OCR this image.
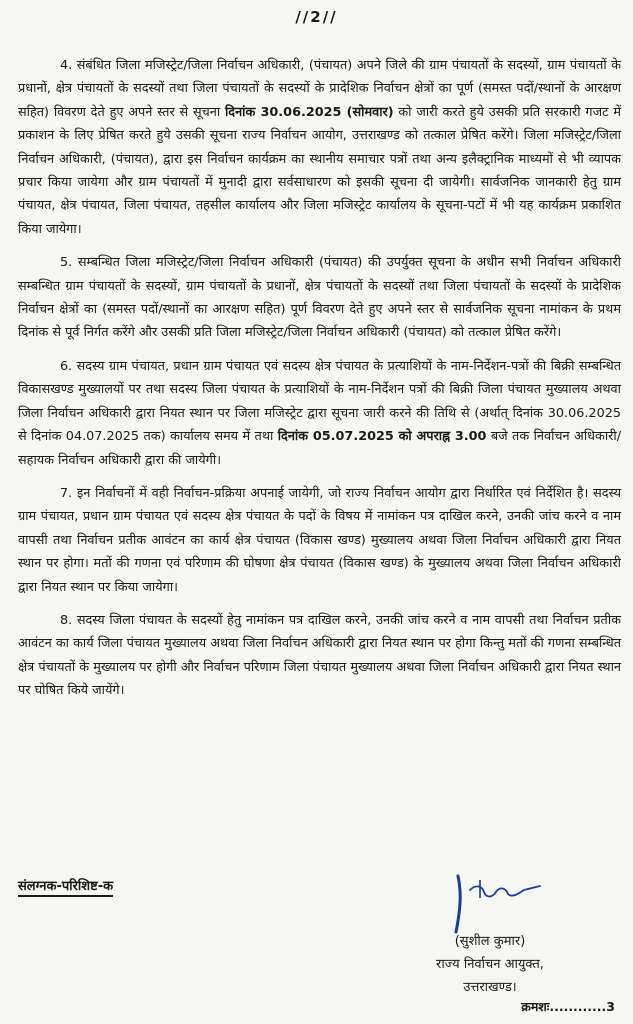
//2//

4. संबंधित जिला मजिस्ट्रेट/जिला निर्वाचन अधिकारी, (पंचायत) अपने जिले की ग्राम पंचायतों के सदस्यों, ग्राम पंचायतों के प्रधानों, क्षेत्र पंचायतों के सदस्यों तथा जिला पंचायतों के सदस्यों के प्रादेशिक निर्वाचन क्षेत्रों का पूर्ण (समस्त पदों/स्थानों के आरक्षण सहित) विवरण देते हुए अपने स्तर से सूचना दिनांक 30.06.2025 (सोमवार) को जारी करते हुये उसकी प्रति सरकारी गजट में प्रकाशन के लिए प्रेषित करते हुये उसकी सूचना राज्य निर्वाचन आयोग, उत्तराखण्ड को तत्काल प्रेषित करेंगे। जिला मजिस्ट्रेट/जिला निर्वाचन अधिकारी, (पंचायत), द्वारा इस निर्वाचन कार्यक्रम का स्थानीय समाचार पत्रों तथा अन्य इलैक्ट्रानिक माध्यमों से भी व्यापक प्रचार किया जायेगा और ग्राम पंचायतों में मुनादी द्वारा सर्वसाधारण को इसकी सूचना दी जायेगी। सार्वजनिक जानकारी हेतु ग्राम पंचायत, क्षेत्र पंचायत, जिला पंचायत, तहसील कार्यालय और जिला मजिस्ट्रेट कार्यालय के सूचना-पटों में भी यह कार्यक्रम प्रकाशित किया जायेगा।

5. सम्बन्धित जिला मजिस्ट्रेट/जिला निर्वाचन अधिकारी (पंचायत) की उपर्युक्त सूचना के अधीन सभी निर्वाचन अधिकारी सम्बन्धित ग्राम पंचायतों के सदस्यों, ग्राम पंचायतों के प्रधानों, क्षेत्र पंचायतों के सदस्यों तथा जिला पंचायतों के सदस्यों के प्रादेशिक निर्वाचन क्षेत्रों का (समस्त पदों/स्थानों का आरक्षण सहित) पूर्ण विवरण देते हुए अपने स्तर से सार्वजनिक सूचना नामांकन के प्रथम दिनांक से पूर्व निर्गत करेंगे और उसकी प्रति जिला मजिस्ट्रेट/जिला निर्वाचन अधिकारी (पंचायत) को तत्काल प्रेषित करेंगे।

6. सदस्य ग्राम पंचायत, प्रधान ग्राम पंचायत एवं सदस्य क्षेत्र पंचायत के प्रत्याशियों के नाम-निर्देशन-पत्रों की बिक्री सम्बन्धित विकासखण्ड मुख्यालयों पर तथा सदस्य जिला पंचायत के प्रत्याशियों के नाम-निर्देशन पत्रों की बिक्री जिला पंचायत मुख्यालय अथवा जिला निर्वाचन अधिकारी द्वारा नियत स्थान पर जिला मजिस्ट्रेट द्वारा सूचना जारी करने की तिथि से (अर्थात् दिनांक 30.06.2025 से दिनांक 04.07.2025 तक) कार्यालय समय में तथा दिनांक 05.07.2025 को अपराह्न 3.00 बजे तक निर्वाचन अधिकारी/सहायक निर्वाचन अधिकारी द्वारा की जायेगी।

7. इन निर्वाचनों में वही निर्वाचन-प्रक्रिया अपनाई जायेगी, जो राज्य निर्वाचन आयोग द्वारा निर्धारित एवं निर्देशित है। सदस्य ग्राम पंचायत, प्रधान ग्राम पंचायत एवं सदस्य क्षेत्र पंचायत के पदों के विषय में नामांकन पत्र दाखिल करने, उनकी जांच करने व नाम वापसी तथा निर्वाचन प्रतीक आवंटन का कार्य क्षेत्र पंचायत (विकास खण्ड) मुख्यालय अथवा जिला निर्वाचन अधिकारी द्वारा नियत स्थान पर होगा। मतों की गणना एवं परिणाम की घोषणा क्षेत्र पंचायत (विकास खण्ड) के मुख्यालय अथवा जिला निर्वाचन अधिकारी द्वारा नियत स्थान पर किया जायेगा।

8. सदस्य जिला पंचायत के सदस्यों हेतु नामांकन पत्र दाखिल करने, उनकी जांच करने व नाम वापसी तथा निर्वाचन प्रतीक आवंटन का कार्य जिला पंचायत मुख्यालय अथवा जिला निर्वाचन अधिकारी द्वारा नियत स्थान पर होगा किन्तु मतों की गणना सम्बन्धित क्षेत्र पंचायतों के मुख्यालय पर होगी और निर्वाचन परिणाम जिला पंचायत मुख्यालय अथवा जिला निर्वाचन अधिकारी द्वारा नियत स्थान पर घोषित किये जायेंगे।

संलग्नक-परिशिष्ट-क
(सुशील कुमार)
राज्य निर्वाचन आयुक्त,
उत्तराखण्ड।
क्रमशः............3
